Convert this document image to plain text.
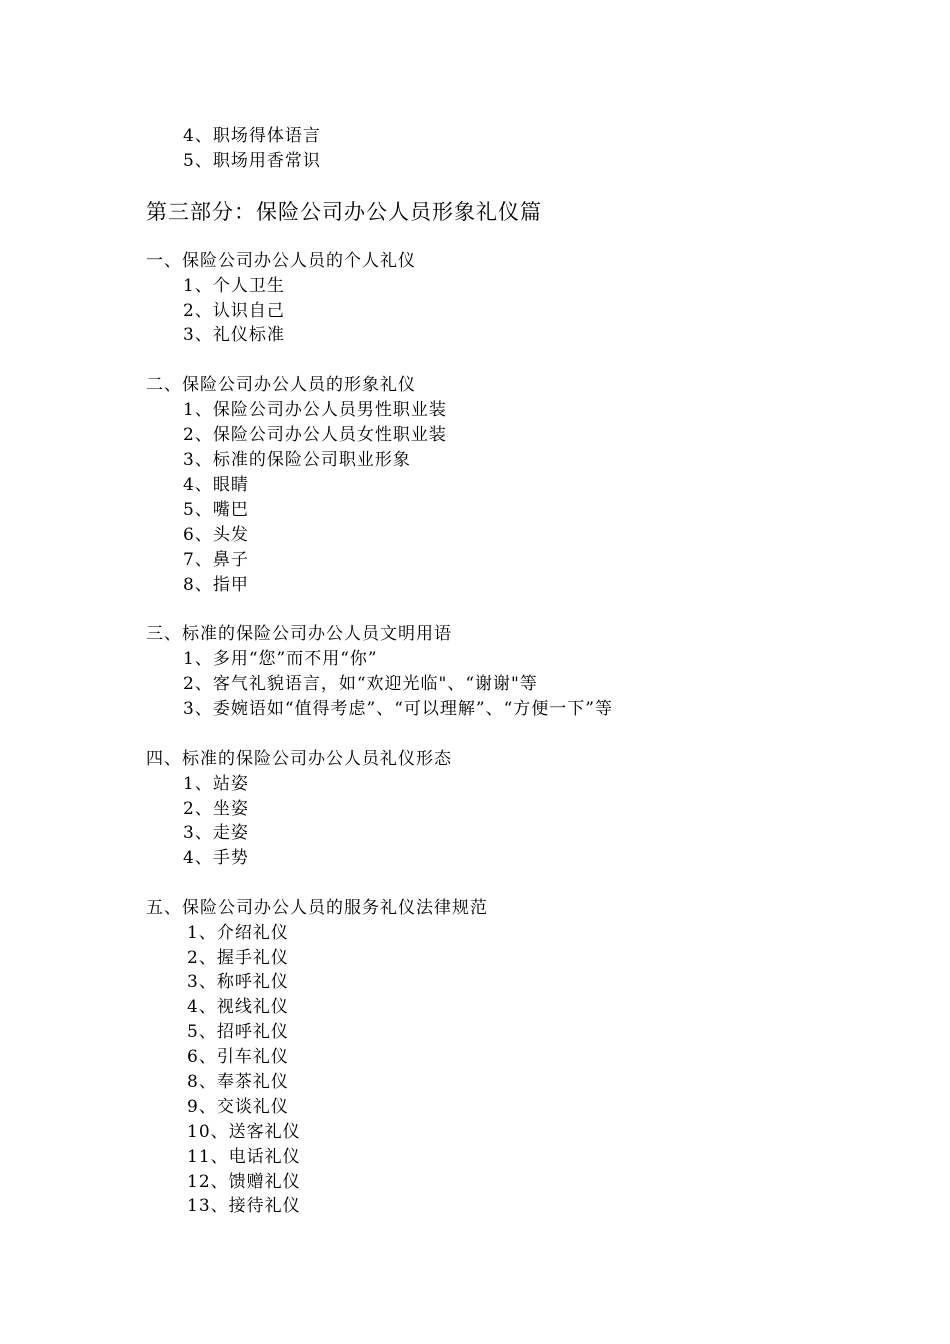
4、职场得体语言
5、职场用香常识
第三部分：保险公司办公人员形象礼仪篇
一、保险公司办公人员的个人礼仪
1、个人卫生
2、认识自己
3、礼仪标准
二、保险公司办公人员的形象礼仪
1、保险公司办公人员男性职业装
2、保险公司办公人员女性职业装
3、标准的保险公司职业形象
4、眼睛
5、嘴巴
6、头发
7、鼻子
8、指甲
三、标准的保险公司办公人员文明用语
1、多用“您”而不用“你”
2、客气礼貌语言，如“欢迎光临"、“谢谢"等
3、委婉语如“值得考虑”、“可以理解”、“方便一下”等
四、标准的保险公司办公人员礼仪形态
1、站姿
2、坐姿
3、走姿
4、手势
五、保险公司办公人员的服务礼仪法律规范
1、介绍礼仪
2、握手礼仪
3、称呼礼仪
4、视线礼仪
5、招呼礼仪
6、引车礼仪
8、奉茶礼仪
9、交谈礼仪
10、送客礼仪
11、电话礼仪
12、馈赠礼仪
13、接待礼仪
